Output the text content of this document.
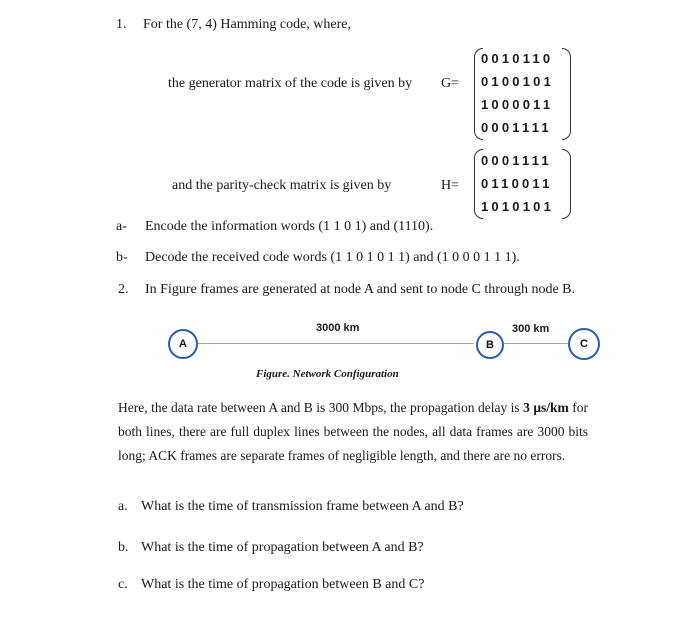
1. For the (7, 4) Hamming code, where,
the generator matrix of the code is given by G=
0010110
0100101
1000011
0001111
and the parity-check matrix is given by	H=
0001111
0110011
1010101
a- Encode the information words (1 1 0 1) and (1110).
b- Decode the received code words (1 1 0 1 0 1 1) and (1 0 0 0 1 1 1).
2. In Figure frames are generated at node A and sent to node C through node B.
3000 km	300 km
A	B	C
Figure. Network Configuration
Here, the data rate between A and B is 300 Mbps, the propagation delay is 3 μs/km for both lines, there are full duplex lines between the nodes, all data frames are 3000 bits long; ACK frames are separate frames of negligible length, and there are no errors.
a. What is the time of transmission frame between A and B?
b. What is the time of propagation between A and B?
c. What is the time of propagation between B and C?
